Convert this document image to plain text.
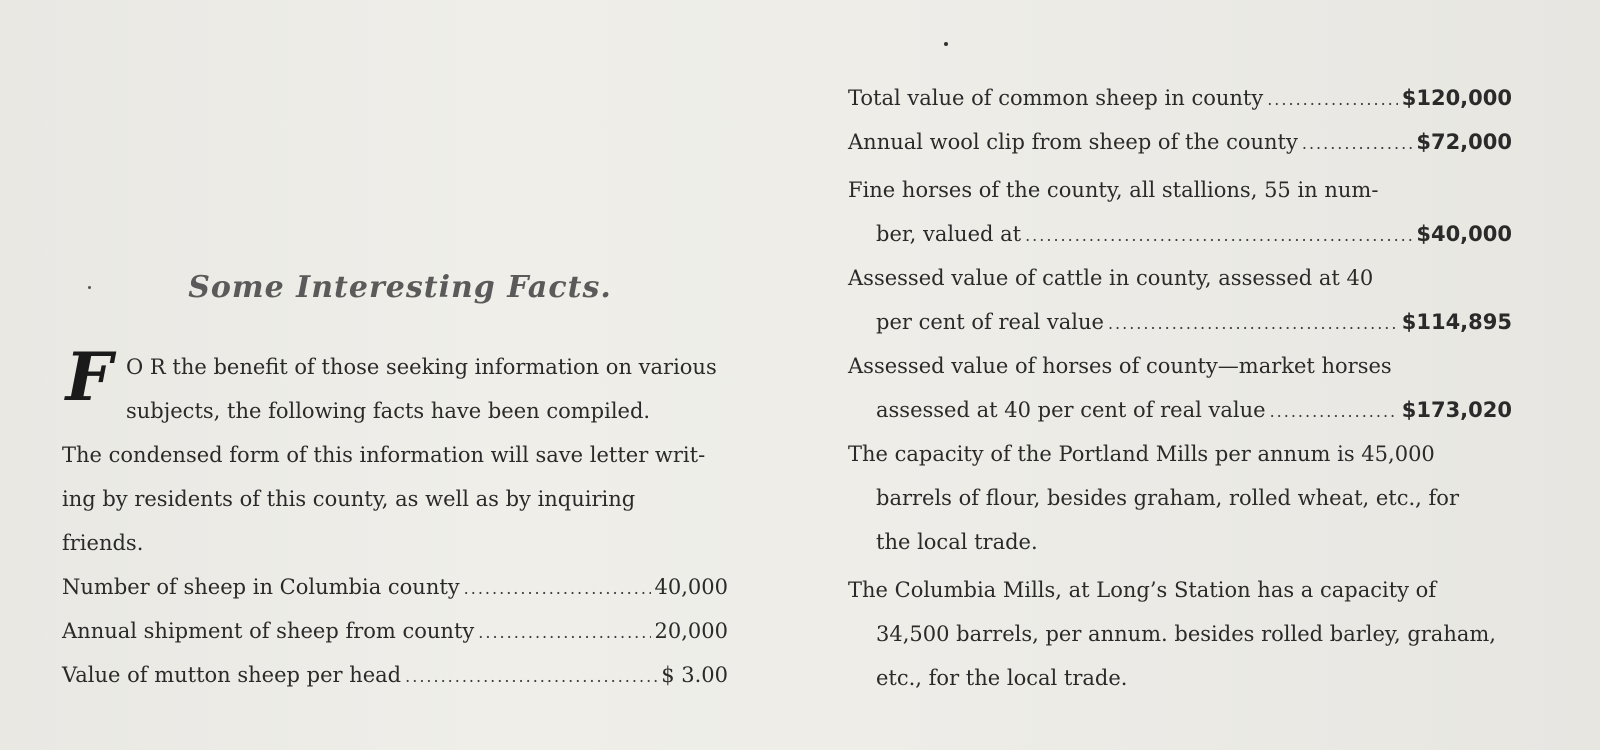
Some Interesting Facts.
F O R the benefit of those seeking information on various
subjects, the following facts have been compiled.
The condensed form of this information will save letter writ-
ing by residents of this county, as well as by inquiring
friends.
Number of sheep in Columbia county .....	40,000
Annual shipment of sheep from county .....	20,000
Value of mutton sheep per head .....	$ 3.00
Total value of common sheep in county .....	$120,000
Annual wool clip from sheep of the county .....	$72,000
Fine horses of the county, all stallions, 55 in num-
ber, valued at .....	$40,000
Assessed value of cattle in county, assessed at 40
per cent of real value .....	$114,895
Assessed value of horses of county—market horses
assessed at 40 per cent of real value .....	$173,020
The capacity of the Portland Mills per annum is 45,000
barrels of flour, besides graham, rolled wheat, etc., for
the local trade.
The Columbia Mills, at Long’s Station has a capacity of
34,500 barrels, per annum. besides rolled barley, graham,
etc., for the local trade.
